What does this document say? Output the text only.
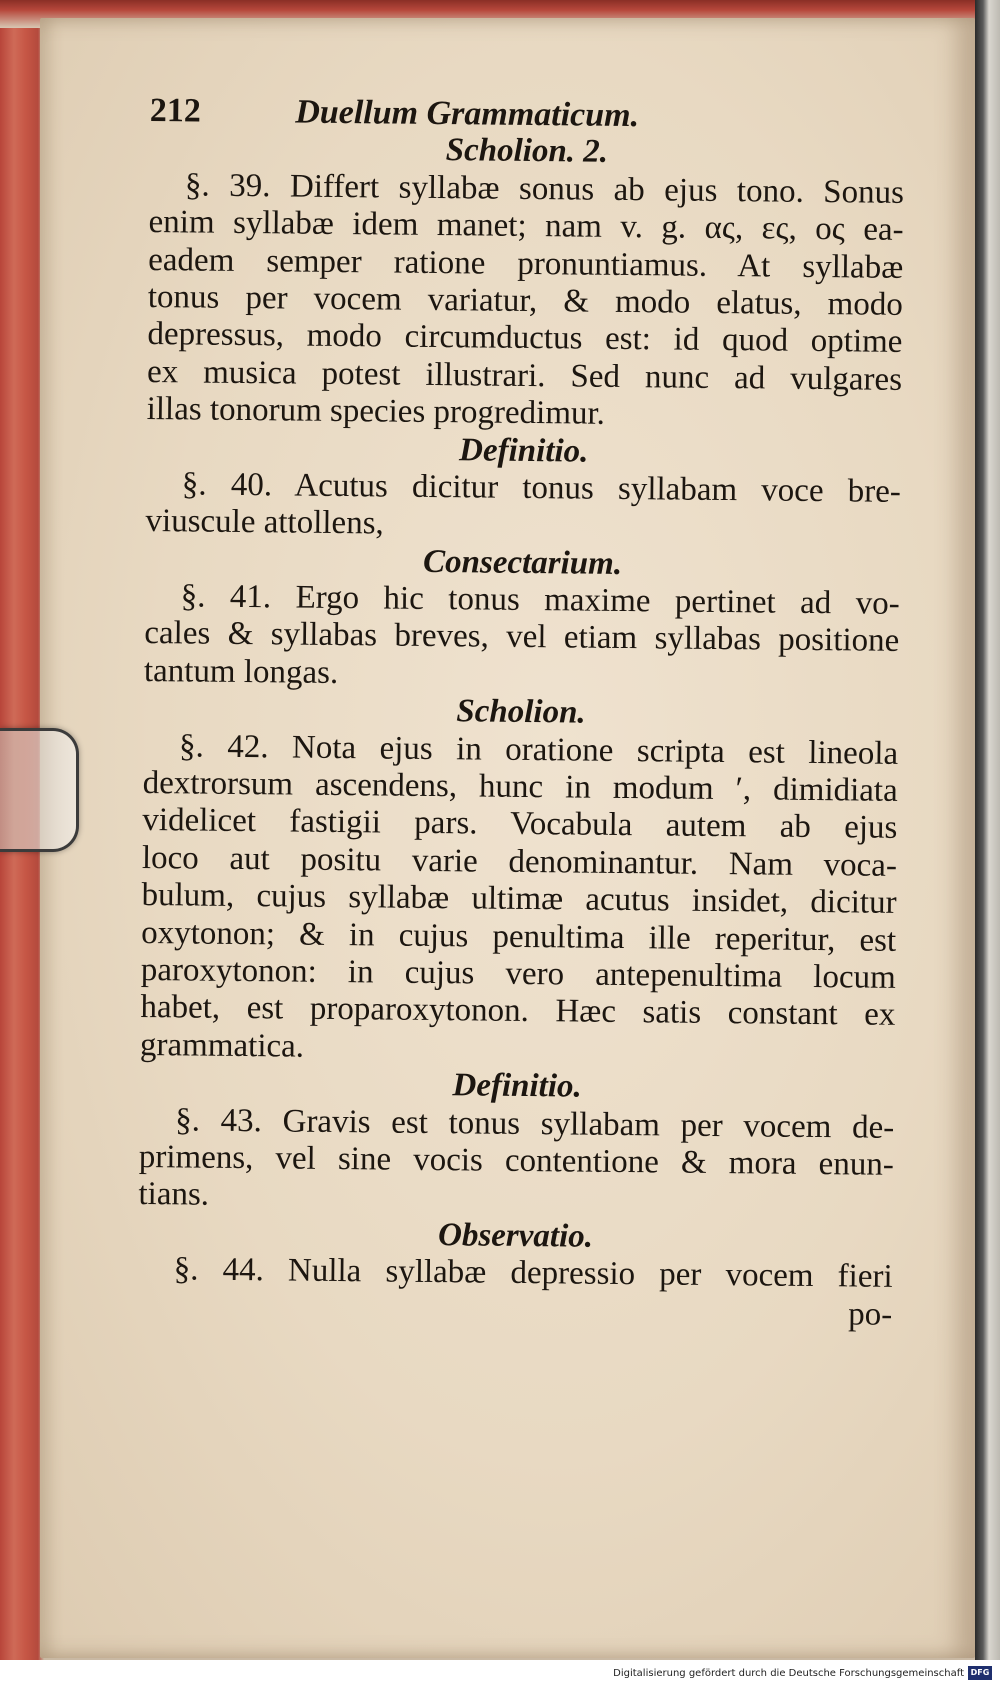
212	Duellum Grammaticum.
Scholion. 2.
§. 39. Differt syllabæ sonus ab ejus tono. Sonus
enim syllabæ idem manet; nam v. g. ας, ες, ος ea-
eadem semper ratione pronuntiamus. At syllabæ
tonus per vocem variatur, & modo elatus, modo
depressus, modo circumductus est: id quod optime
ex musica potest illustrari. Sed nunc ad vulgares
illas tonorum species progredimur.
Definitio.
§. 40. Acutus dicitur tonus syllabam voce bre-
viuscule attollens,
Consectarium.
§. 41. Ergo hic tonus maxime pertinet ad vo-
cales & syllabas breves, vel etiam syllabas positione
tantum longas.
Scholion.
§. 42. Nota ejus in oratione scripta est lineola
dextrorsum ascendens, hunc in modum ʹ, dimidiata
videlicet fastigii pars. Vocabula autem ab ejus
loco aut positu varie denominantur. Nam voca-
bulum, cujus syllabæ ultimæ acutus insidet, dicitur
oxytonon; & in cujus penultima ille reperitur, est
paroxytonon: in cujus vero antepenultima locum
habet, est proparoxytonon. Hæc satis constant ex
grammatica.
Definitio.
§. 43. Gravis est tonus syllabam per vocem de-
primens, vel sine vocis contentione & mora enun-
tians.
Observatio.
§. 44. Nulla syllabæ depressio per vocem fieri
po-
Digitalisierung gefördert durch die Deutsche Forschungsgemeinschaft DFG
